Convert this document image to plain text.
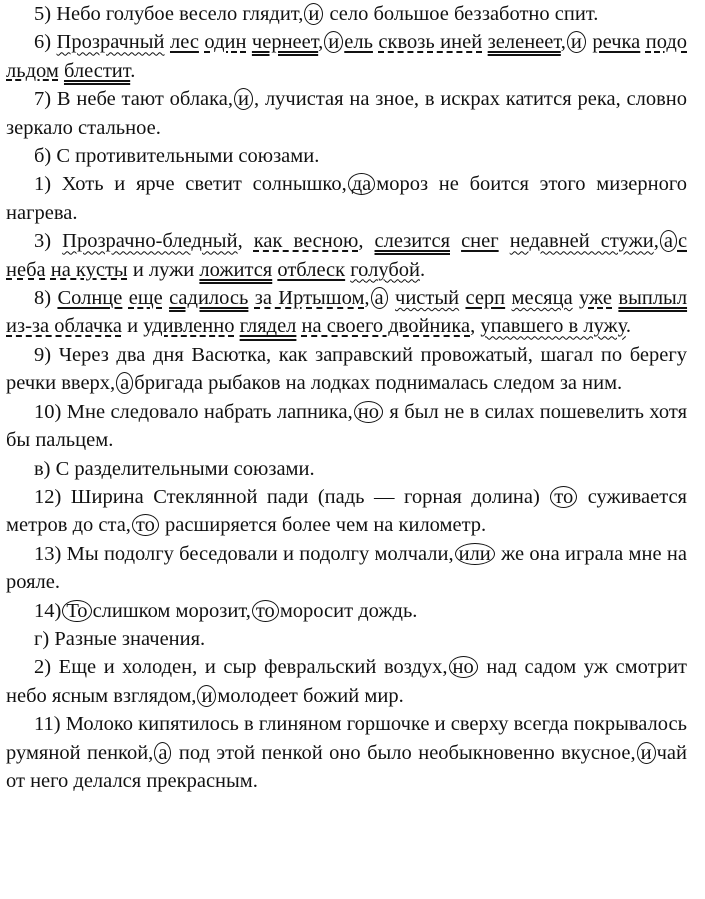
5) Небо голубое весело глядит, и село большое беззаботно спит.

6) Прозрачный лес один чернеет, и ель сквозь иней зеленеет, и речка подо льдом блестит.

7) В небе тают облака, и , лучистая на зное, в искрах катится река, словно зеркало стальное.

б) С противительными союзами.

1) Хоть и ярче светит солнышко, да мороз не боится этого мизерного нагрева.

3) Прозрачно-бледный, как весною, слезится снег недавней стужи, а с неба на кусты и лужи ложится отблеск голубой.

8) Солнце еще садилось за Иртышом, а чистый серп месяца уже выплыл из-за облачка и удивленно глядел на своего двойника, упавшего в лужу.

9) Через два дня Васютка, как заправский провожатый, шагал по берегу речки вверх, а бригада рыбаков на лодках поднималась следом за ним.

10) Мне следовало набрать лапника, но я был не в силах пошевелить хотя бы пальцем.

в) С разделительными союзами.

12) Ширина Стеклянной пади (падь — горная долина) то суживается метров до ста, то расширяется более чем на километр.

13) Мы подолгу беседовали и подолгу молчали, или же она играла мне на рояле.

14) То слишком морозит, то моросит дождь.

г) Разные значения.

2) Еще и холоден, и сыр февральский воздух, но над садом уж смотрит небо ясным взглядом, и молодеет божий мир.

11) Молоко кипятилось в глиняном горшочке и сверху всегда покрывалось румяной пенкой, а под этой пенкой оно было необыкновенно вкусное, и чай от него делался прекрасным.
